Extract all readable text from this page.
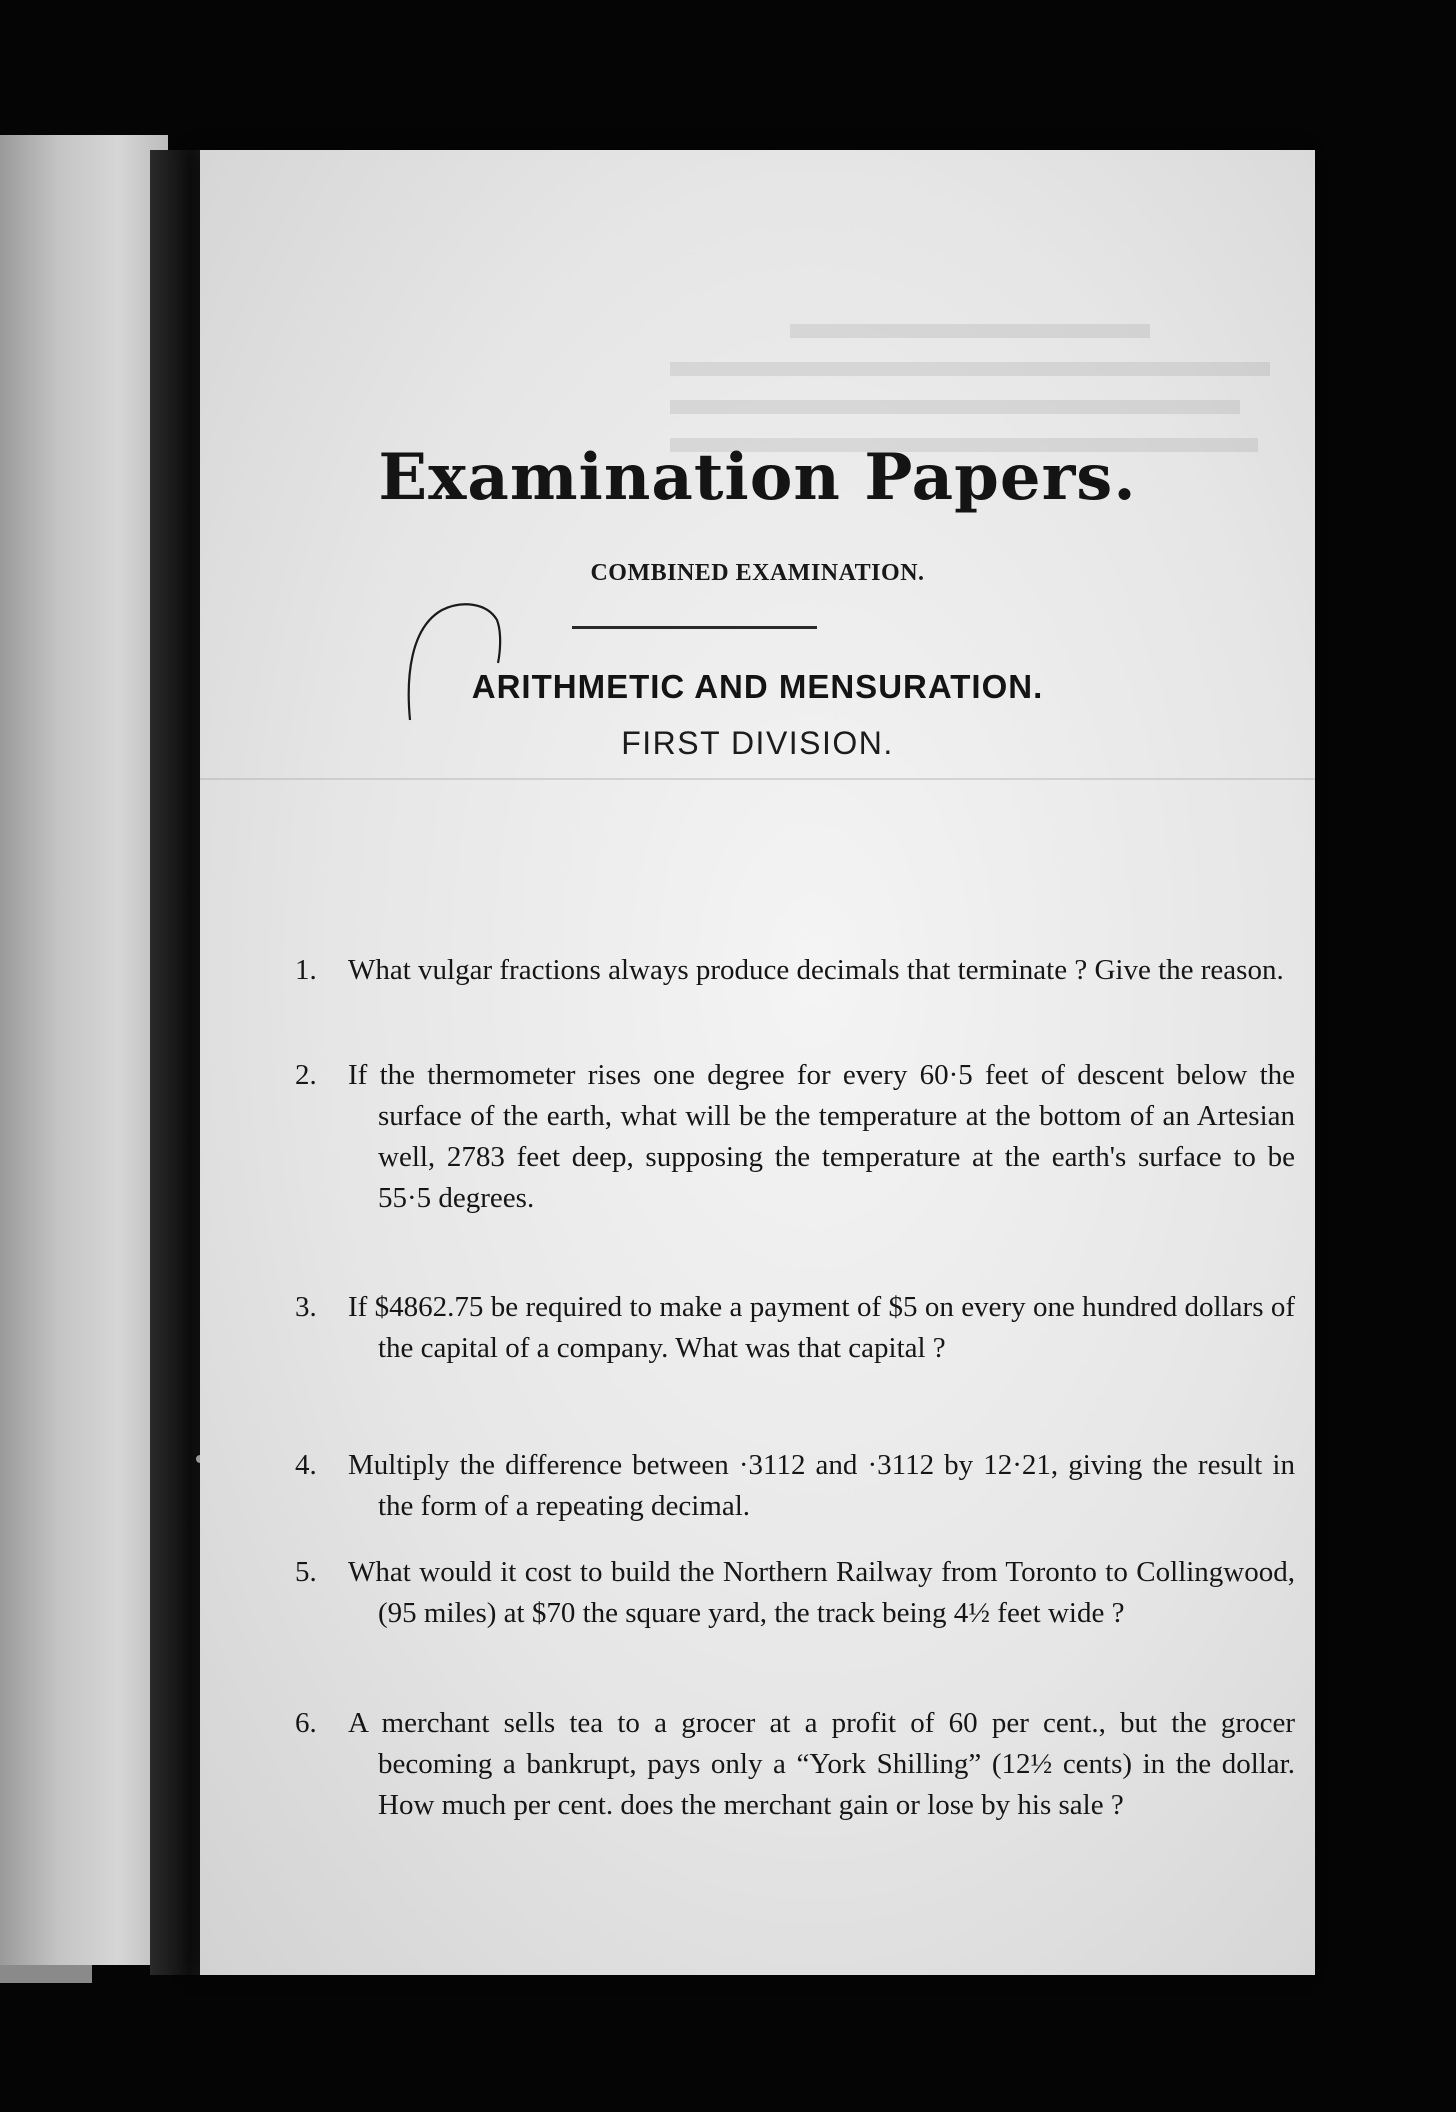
Examination Papers.
COMBINED EXAMINATION.
ARITHMETIC AND MENSURATION.
FIRST DIVISION.
1. What vulgar fractions always produce decimals that terminate ? Give the reason.
2. If the thermometer rises one degree for every 60·5 feet of descent below the surface of the earth, what will be the temperature at the bottom of an Artesian well, 2783 feet deep, supposing the temperature at the earth's surface to be 55·5 degrees.
3. If $4862.75 be required to make a payment of $5 on every one hundred dollars of the capital of a company. What was that capital ?
4. Multiply the difference between ·3112 and ·3112 by 12·21, giving the result in the form of a repeating decimal.
5. What would it cost to build the Northern Railway from Toronto to Collingwood, (95 miles) at $70 the square yard, the track being 4½ feet wide ?
6. A merchant sells tea to a grocer at a profit of 60 per cent., but the grocer becoming a bankrupt, pays only a “York Shilling” (12½ cents) in the dollar. How much per cent. does the merchant gain or lose by his sale ?
